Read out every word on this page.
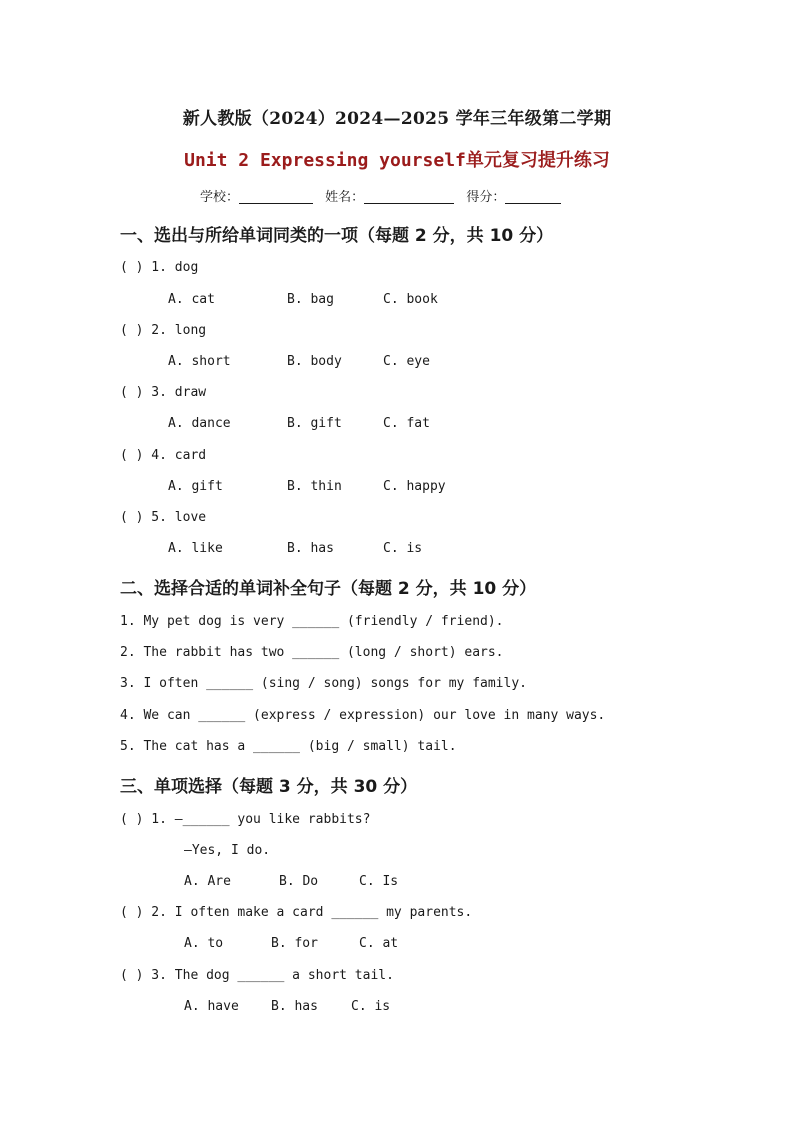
新人教版（2024）2024—2025 学年三年级第二学期
Unit 2 Expressing yourself单元复习提升练习
学校：	姓名：	得分：
一、选出与所给单词同类的一项（每题 2 分，共 10 分）
( ) 1. dog
A. cat	B. bag	C. book
( ) 2. long
A. short	B. body	C. eye
( ) 3. draw
A. dance	B. gift	C. fat
( ) 4. card
A. gift	B. thin	C. happy
( ) 5. love
A. like	B. has	C. is
二、选择合适的单词补全句子（每题 2 分，共 10 分）
1. My pet dog is very ______ (friendly / friend).
2. The rabbit has two ______ (long / short) ears.
3. I often ______ (sing / song) songs for my family.
4. We can ______ (express / expression) our love in many ways.
5. The cat has a ______ (big / small) tail.
三、单项选择（每题 3 分，共 30 分）
( ) 1. —______ you like rabbits?
—Yes, I do.
A. Are	B. Do	C. Is
( ) 2. I often make a card ______ my parents.
A. to	B. for	C. at
( ) 3. The dog ______ a short tail.
A. have B. has	C. is
